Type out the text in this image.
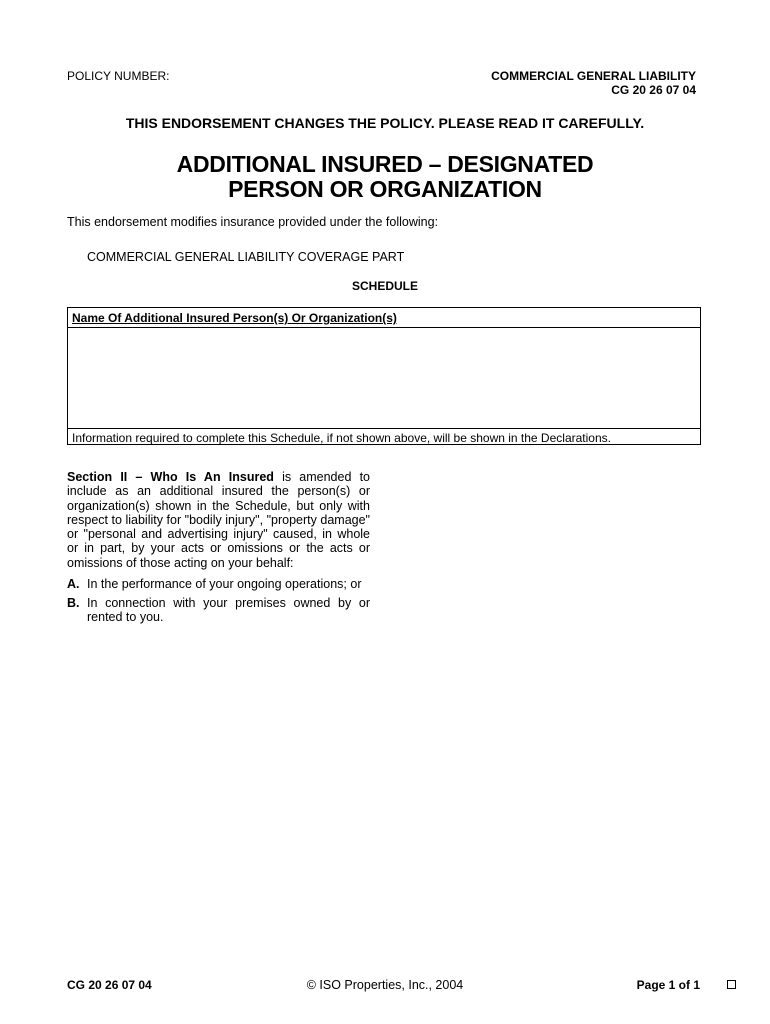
POLICY NUMBER:	COMMERCIAL GENERAL LIABILITY
CG 20 26 07 04
THIS ENDORSEMENT CHANGES THE POLICY. PLEASE READ IT CAREFULLY.
ADDITIONAL INSURED – DESIGNATED
PERSON OR ORGANIZATION
This endorsement modifies insurance provided under the following:
COMMERCIAL GENERAL LIABILITY COVERAGE PART
SCHEDULE
Name Of Additional Insured Person(s) Or Organization(s)
Information required to complete this Schedule, if not shown above, will be shown in the Declarations.
Section II – Who Is An Insured is amended to include as an additional insured the person(s) or organization(s) shown in the Schedule, but only with respect to liability for "bodily injury", "property damage" or "personal and advertising injury" caused, in whole or in part, by your acts or omissions or the acts or omissions of those acting on your behalf:
A. In the performance of your ongoing operations; or
B. In connection with your premises owned by or rented to you.
CG 20 26 07 04	© ISO Properties, Inc., 2004	Page 1 of 1
